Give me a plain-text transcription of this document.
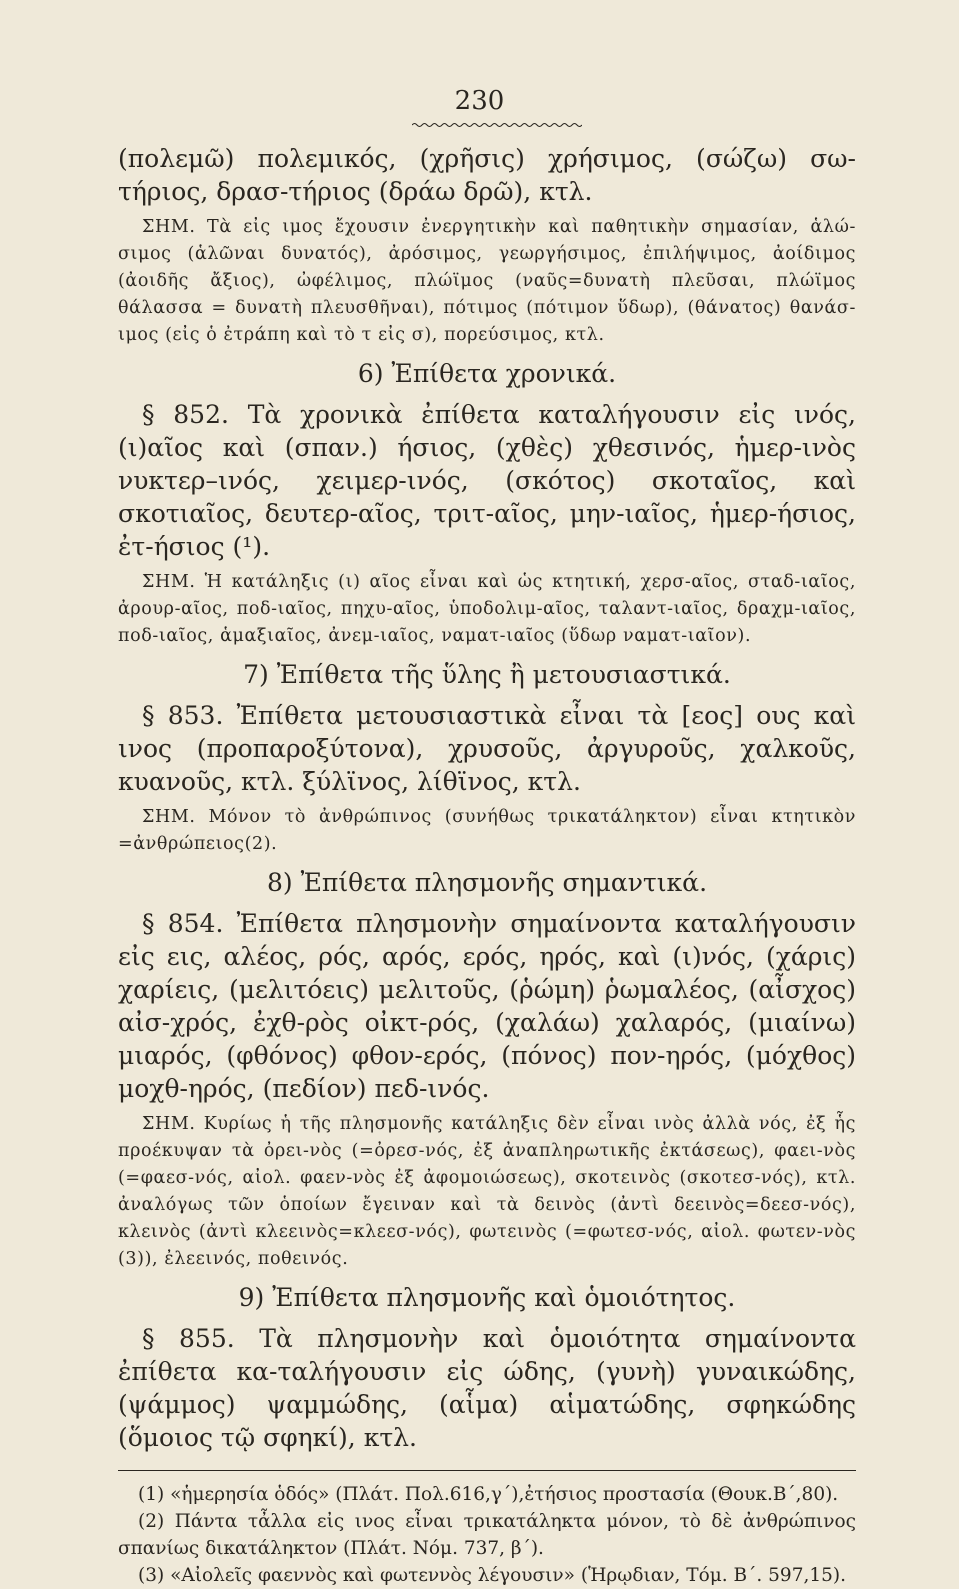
230

(πολεμῶ) πολεμικός, (χρῆσις) χρήσιμος, (σώζω) σω-τήριος, δρασ-τήριος (δράω δρῶ), κτλ.

ΣΗΜ. Τὰ εἰς ιμος ἔχουσιν ἐνεργητικὴν καὶ παθητικὴν σημασίαν, ἁλώ-σιμος (ἁλῶναι δυνατός), ἀρόσιμος, γεωργήσιμος, ἐπιλήψιμος, ἀοίδιμος (ἀοιδῆς ἄξιος), ὠφέλιμος, πλώϊμος (ναῦς=δυνατὴ πλεῦσαι, πλώϊμος θάλασσα = δυνατὴ πλευσθῆναι), πότιμος (πότιμον ὕδωρ), (θάνατος) θανάσ-ιμος (εἰς ὁ ἐτράπη καὶ τὸ τ εἰς σ), πορεύσιμος, κτλ.

6) Ἐπίθετα χρονικά.

§ 852. Τὰ χρονικὰ ἐπίθετα καταλήγουσιν εἰς ινός, (ι)αῖος καὶ (σπαν.) ήσιος, (χθὲς) χθεσινός, ἡμερ-ινὸς νυκτερ–ινός, χειμερ-ινός, (σκότος) σκοταῖος, καὶ σκοτιαῖος, δευτερ-αῖος, τριτ-αῖος, μην-ιαῖος, ἡμερ-ήσιος, ἐτ-ήσιος (¹).

ΣΗΜ. Ἡ κατάληξις (ι) αῖος εἶναι καὶ ὡς κτητική, χερσ-αῖος, σταδ-ιαῖος, ἀρουρ-αῖος, ποδ-ιαῖος, πηχυ-αῖος, ὑποδολιμ-αῖος, ταλαντ-ιαῖος, δραχμ-ιαῖος, ποδ-ιαῖος, ἁμαξιαῖος, ἀνεμ-ιαῖος, ναματ-ιαῖος (ὕδωρ ναματ-ιαῖον).

7) Ἐπίθετα τῆς ὕλης ἢ μετουσιαστικά.

§ 853. Ἐπίθετα μετουσιαστικὰ εἶναι τὰ [εος] ους καὶ ινος (προπαροξύτονα), χρυσοῦς, ἀργυροῦς, χαλκοῦς, κυανοῦς, κτλ. ξύλϊνος, λίθϊνος, κτλ.

ΣΗΜ. Μόνον τὸ ἀνθρώπινος (συνήθως τρικατάληκτον) εἶναι κτητικὸν =ἀνθρώπειος(2).

8) Ἐπίθετα πλησμονῆς σημαντικά.

§ 854. Ἐπίθετα πλησμονὴν σημαίνοντα καταλήγουσιν εἰς εις, αλέος, ρός, αρός, ερός, ηρός, καὶ (ι)νός, (χάρις) χαρίεις, (μελιτόεις) μελιτοῦς, (ῥώμη) ῥωμαλέος, (αἶσχος) αἰσ-χρός, ἐχθ-ρὸς οἰκτ-ρός, (χαλάω) χαλαρός, (μιαίνω) μιαρός, (φθόνος) φθον-ερός, (πόνος) πον-ηρός, (μόχθος) μοχθ-ηρός, (πεδίον) πεδ-ινός.

ΣΗΜ. Κυρίως ἡ τῆς πλησμονῆς κατάληξις δὲν εἶναι ινὸς ἀλλὰ νός, ἐξ ἧς προέκυψαν τὰ ὀρει-νὸς (=ὀρεσ-νός, ἐξ ἀναπληρωτικῆς ἐκτάσεως), φαει-νὸς (=φαεσ-νός, αἰολ. φαεν-νὸς ἐξ ἀφομοιώσεως), σκοτεινὸς (σκοτεσ-νός), κτλ. ἀναλόγως τῶν ὁποίων ἔγειναν καὶ τὰ δεινὸς (ἀντὶ δεεινὸς=δεεσ-νός), κλεινὸς (ἀντὶ κλεεινὸς=κλεεσ-νός), φωτεινὸς (=φωτεσ-νός, αἰολ. φωτεν-νὸς (3)), ἐλεεινός, ποθεινός.

9) Ἐπίθετα πλησμονῆς καὶ ὁμοιότητος.

§ 855. Τὰ πλησμονὴν καὶ ὁμοιότητα σημαίνοντα ἐπίθετα κα-ταλήγουσιν εἰς ώδης, (γυνὴ) γυναικώδης, (ψάμμος) ψαμμώδης, (αἷμα) αἱματώδης, σφηκώδης (ὅμοιος τῷ σφηκί), κτλ.

(1) «ἡμερησία ὁδός» (Πλάτ. Πολ.616,γ΄),ἐτήσιος προστασία (Θουκ.Β΄,80).

(2) Πάντα τἆλλα εἰς ινος εἶναι τρικατάληκτα μόνον, τὸ δὲ ἀνθρώπινος σπανίως δικατάληκτον (Πλάτ. Νόμ. 737, β΄).

(3) «Αἰολεῖς φαεννὸς καὶ φωτεννὸς λέγουσιν» (Ἡρῳδιαν, Τόμ. Β΄. 597,15).
